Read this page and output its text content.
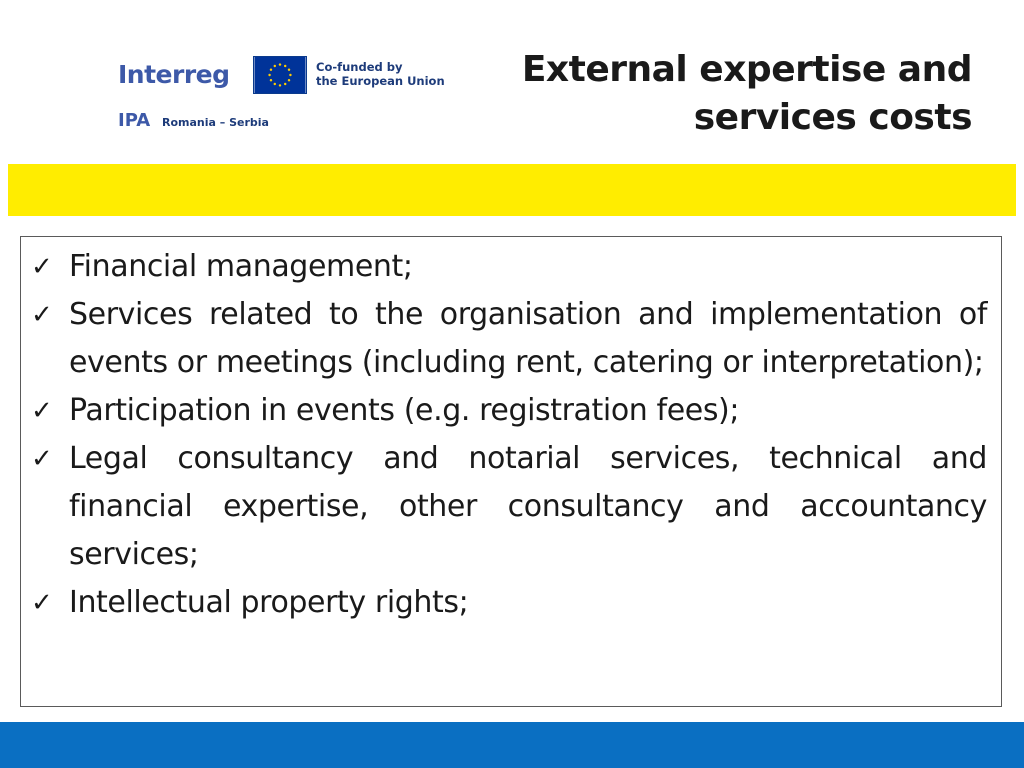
Interreg	Co-funded by
the European Union
IPA Romania – Serbia
External expertise and
services costs
✓ Financial management;
✓ Services related to the organisation and implementation of events or meetings (including rent, catering or interpretation);
✓ Participation in events (e.g. registration fees);
✓ Legal consultancy and notarial services, technical and financial expertise, other consultancy and accountancy services;
✓ Intellectual property rights;
